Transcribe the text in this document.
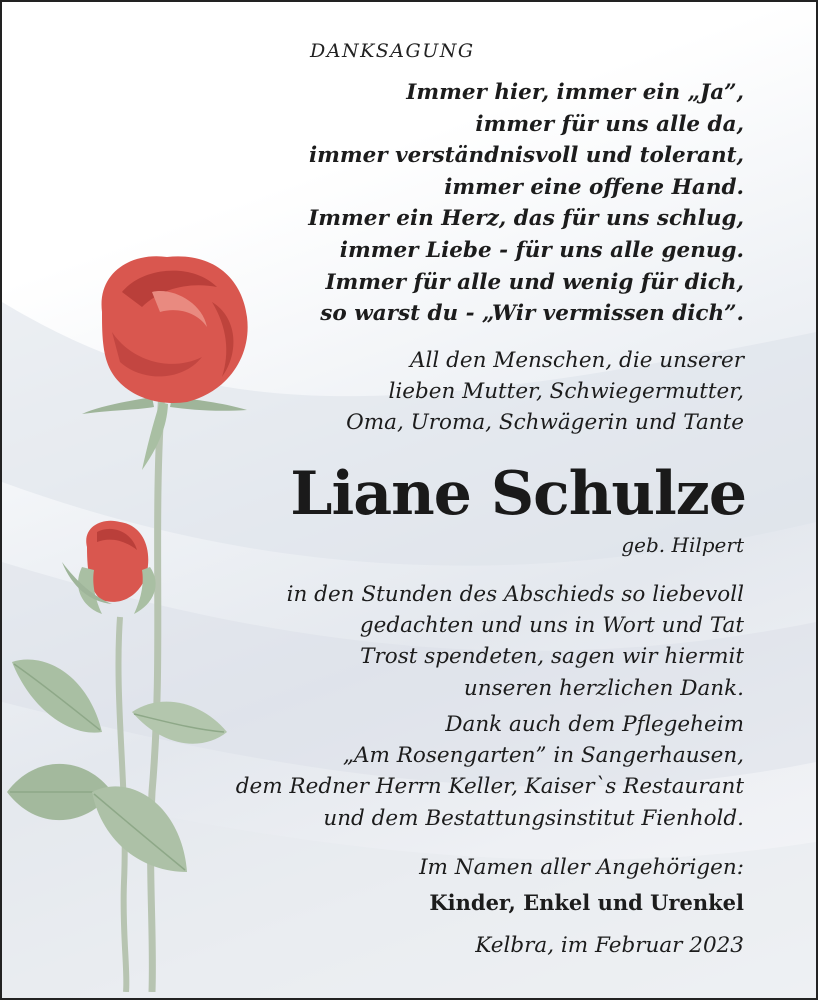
DANKSAGUNG
Immer hier, immer ein „Ja”,
immer für uns alle da,
immer verständnisvoll und tolerant,
immer eine offene Hand.
Immer ein Herz, das für uns schlug,
immer Liebe - für uns alle genug.
Immer für alle und wenig für dich,
so warst du - „Wir vermissen dich”.
All den Menschen, die unserer
lieben Mutter, Schwiegermutter,
Oma, Uroma, Schwägerin und Tante
Liane Schulze
geb. Hilpert
in den Stunden des Abschieds so liebevoll
gedachten und uns in Wort und Tat
Trost spendeten, sagen wir hiermit
unseren herzlichen Dank.
Dank auch dem Pflegeheim
„Am Rosengarten” in Sangerhausen,
dem Redner Herrn Keller, Kaiser`s Restaurant
und dem Bestattungsinstitut Fienhold.
Im Namen aller Angehörigen:
Kinder, Enkel und Urenkel
Kelbra, im Februar 2023
